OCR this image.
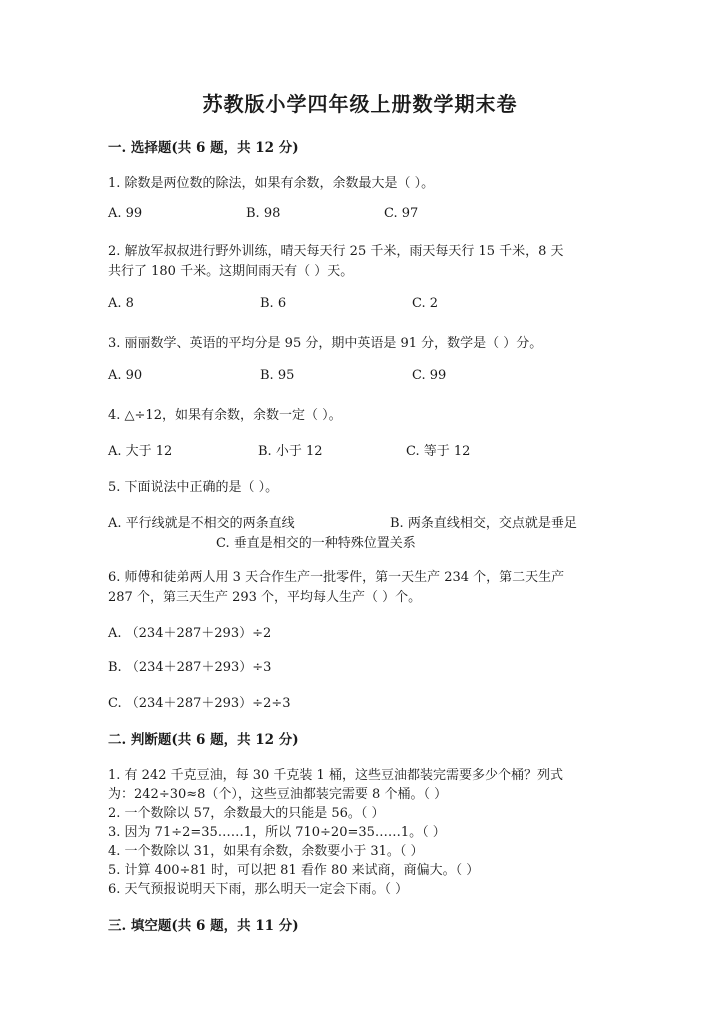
苏教版小学四年级上册数学期末卷
一. 选择题(共 6 题，共 12 分)
1. 除数是两位数的除法，如果有余数，余数最大是（ ）。
A. 99	B. 98	C. 97
2. 解放军叔叔进行野外训练，晴天每天行 25 千米，雨天每天行 15 千米，8 天
共行了 180 千米。这期间雨天有（ ）天。
A. 8	B. 6	C. 2
3. 丽丽数学、英语的平均分是 95 分，期中英语是 91 分，数学是（ ）分。
A. 90	B. 95	C. 99
4. △÷12，如果有余数，余数一定（ ）。
A. 大于 12	B. 小于 12	C. 等于 12
5. 下面说法中正确的是（ ）。
A. 平行线就是不相交的两条直线	B. 两条直线相交，交点就是垂足
C. 垂直是相交的一种特殊位置关系
6. 师傅和徒弟两人用 3 天合作生产一批零件，第一天生产 234 个，第二天生产
287 个，第三天生产 293 个，平均每人生产（ ）个。
A. （234＋287＋293）÷2
B. （234＋287＋293）÷3
C. （234＋287＋293）÷2÷3
二. 判断题(共 6 题，共 12 分)
1. 有 242 千克豆油，每 30 千克装 1 桶，这些豆油都装完需要多少个桶？列式
为：242÷30≈8（个），这些豆油都装完需要 8 个桶。（ ）
2. 一个数除以 57，余数最大的只能是 56。（ ）
3. 因为 71÷2=35……1，所以 710÷20=35……1。（ ）
4. 一个数除以 31，如果有余数，余数要小于 31。（ ）
5. 计算 400÷81 时，可以把 81 看作 80 来试商，商偏大。（ ）
6. 天气预报说明天下雨，那么明天一定会下雨。（ ）
三. 填空题(共 6 题，共 11 分)
